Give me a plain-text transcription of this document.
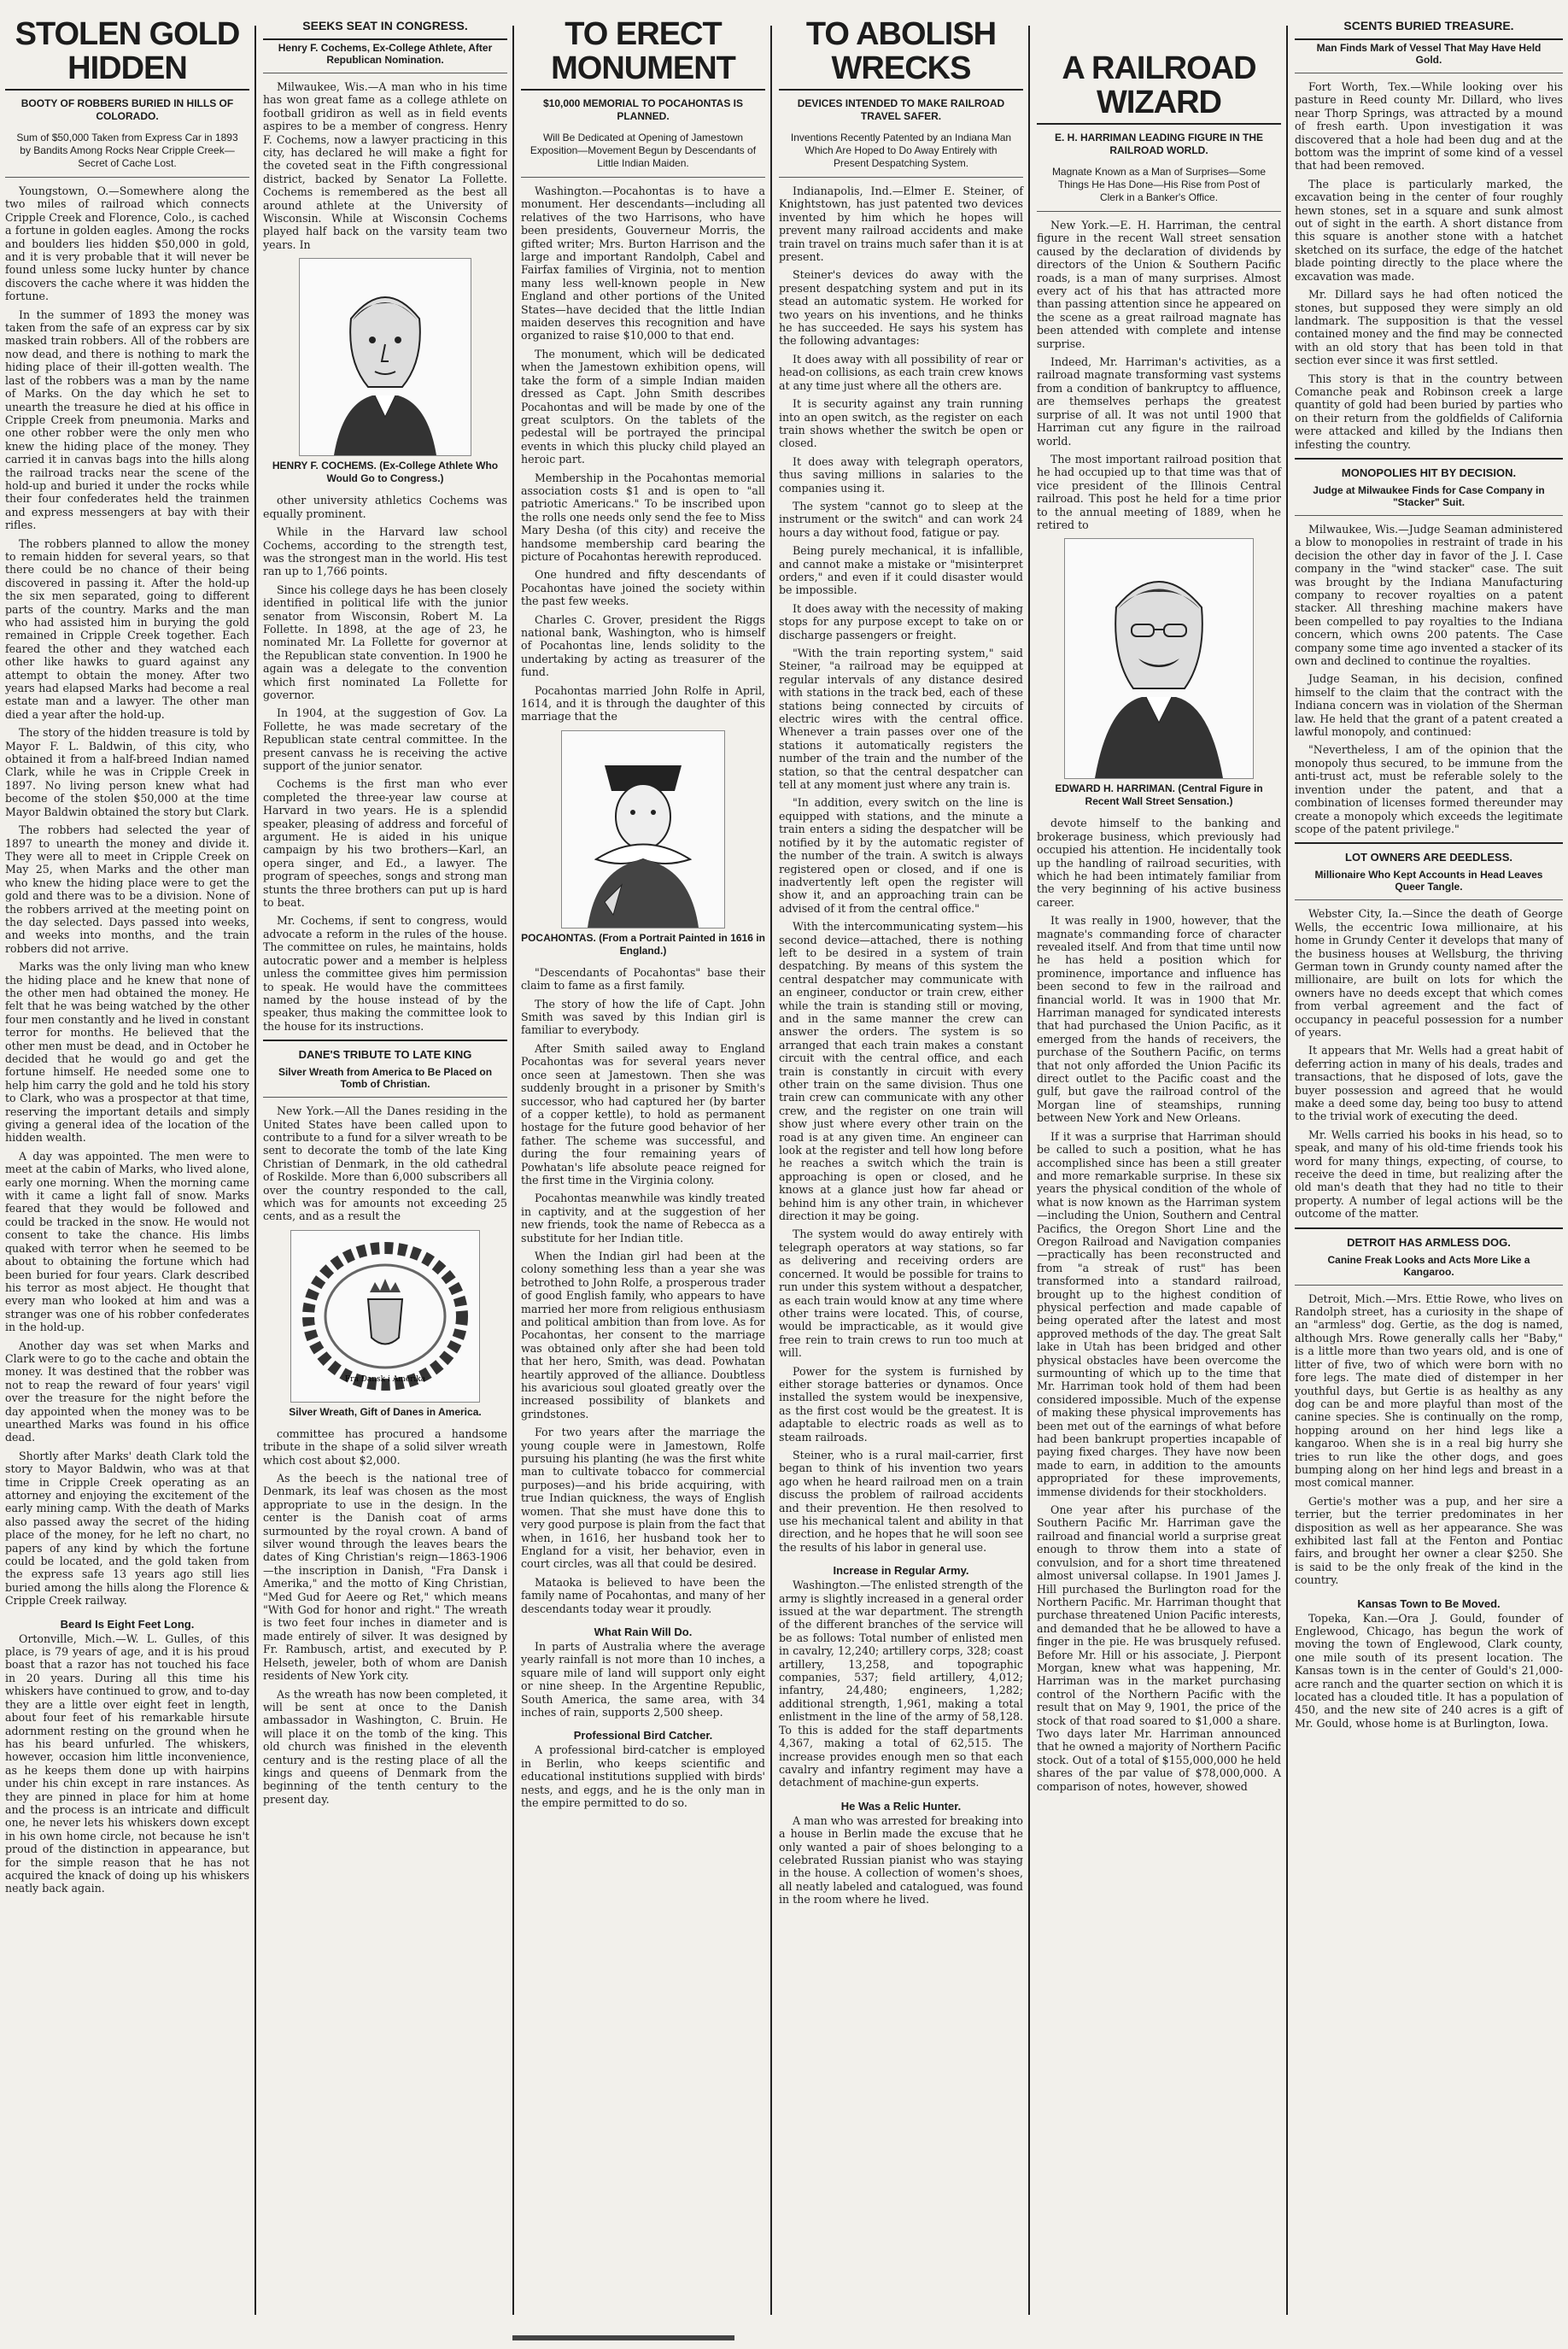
STOLEN GOLD HIDDEN
BOOTY OF ROBBERS BURIED IN HILLS OF COLORADO.
Sum of $50,000 Taken from Express Car in 1893 by Bandits Among Rocks Near Cripple Creek—Secret of Cache Lost.

Youngstown, O.—Somewhere along the two miles of railroad which connects Cripple Creek and Florence, Colo., is cached a fortune in golden eagles. Among the rocks and boulders lies hidden $50,000 in gold, and it is very probable that it will never be found unless some lucky hunter by chance discovers the cache where it was hidden the fortune.

In the summer of 1893 the money was taken from the safe of an express car by six masked train robbers. All of the robbers are now dead, and there is nothing to mark the hiding place of their ill-gotten wealth. The last of the robbers was a man by the name of Marks. On the day which he set to unearth the treasure he died at his office in Cripple Creek from pneumonia. Marks and one other robber were the only men who knew the hiding place of the money. They carried it in canvas bags into the hills along the railroad tracks near the scene of the hold-up and buried it under the rocks while their four confederates held the trainmen and express messengers at bay with their rifles.

The robbers planned to allow the money to remain hidden for several years, so that there could be no chance of their being discovered in passing it. After the hold-up the six men separated, going to different parts of the country. Marks and the man who had assisted him in burying the gold remained in Cripple Creek together. Each feared the other and they watched each other like hawks to guard against any attempt to obtain the money. After two years had elapsed Marks had become a real estate man and a lawyer. The other man died a year after the hold-up.

The story of the hidden treasure is told by Mayor F. L. Baldwin, of this city, who obtained it from a half-breed Indian named Clark, while he was in Cripple Creek in 1897. No living person knew what had become of the stolen $50,000 at the time Mayor Baldwin obtained the story but Clark.

The robbers had selected the year of 1897 to unearth the money and divide it. They were all to meet in Cripple Creek on May 25, when Marks and the other man who knew the hiding place were to get the gold and there was to be a division. None of the robbers arrived at the meeting point on the day selected. Days passed into weeks, and weeks into months, and the train robbers did not arrive.

Marks was the only living man who knew the hiding place and he knew that none of the other men had obtained the money. He felt that he was being watched by the other four men constantly and he lived in constant terror for months. He believed that the other men must be dead, and in October he decided that he would go and get the fortune himself. He needed some one to help him carry the gold and he told his story to Clark, who was a prospector at that time, reserving the important details and simply giving a general idea of the location of the hidden wealth.

A day was appointed. The men were to meet at the cabin of Marks, who lived alone, early one morning. When the morning came with it came a light fall of snow. Marks feared that they would be followed and could be tracked in the snow. He would not consent to take the chance. His limbs quaked with terror when he seemed to be about to obtaining the fortune which had been buried for four years. Clark described his terror as most abject. He thought that every man who looked at him and was a stranger was one of his robber confederates in the hold-up.

Another day was set when Marks and Clark were to go to the cache and obtain the money. It was destined that the robber was not to reap the reward of four years' vigil over the treasure for the night before the day appointed when the money was to be unearthed Marks was found in his office dead.

Shortly after Marks' death Clark told the story to Mayor Baldwin, who was at that time in Cripple Creek operating as an attorney and enjoying the excitement of the early mining camp. With the death of Marks also passed away the secret of the hiding place of the money, for he left no chart, no papers of any kind by which the fortune could be located, and the gold taken from the express safe 13 years ago still lies buried among the hills along the Florence & Cripple Creek railway.

Beard Is Eight Feet Long.

Ortonville, Mich.—W. L. Gulles, of this place, is 79 years of age, and it is his proud boast that a razor has not touched his face in 20 years. During all this time his whiskers have continued to grow, and to-day they are a little over eight feet in length, about four feet of his remarkable hirsute adornment resting on the ground when he has his beard unfurled. The whiskers, however, occasion him little inconvenience, as he keeps them done up with hairpins under his chin except in rare instances. As they are pinned in place for him at home and the process is an intricate and difficult one, he never lets his whiskers down except in his own home circle, not because he isn't proud of the distinction in appearance, but for the simple reason that he has not acquired the knack of doing up his whiskers neatly back again.

SEEKS SEAT IN CONGRESS.
Henry F. Cochems, Ex-College Athlete, After Republican Nomination.

Milwaukee, Wis.—A man who in his time has won great fame as a college athlete on football gridiron as well as in field events aspires to be a member of congress. Henry F. Cochems, now a lawyer practicing in this city, has declared he will make a fight for the coveted seat in the Fifth congressional district, backed by Senator La Follette. Cochems is remembered as the best all around athlete at the University of Wisconsin. While at Wisconsin Cochems played half back on the varsity team two years. In

HENRY F. COCHEMS. (Ex-College Athlete Who Would Go to Congress.)

other university athletics Cochems was equally prominent.

While in the Harvard law school Cochems, according to the strength test, was the strongest man in the world. His test ran up to 1,766 points.

Since his college days he has been closely identified in political life with the junior senator from Wisconsin, Robert M. La Follette. In 1898, at the age of 23, he nominated Mr. La Follette for governor at the Republican state convention. In 1900 he again was a delegate to the convention which first nominated La Follette for governor.

In 1904, at the suggestion of Gov. La Follette, he was made secretary of the Republican state central committee. In the present canvass he is receiving the active support of the junior senator.

Cochems is the first man who ever completed the three-year law course at Harvard in two years. He is a splendid speaker, pleasing of address and forceful of argument. He is aided in his unique campaign by his two brothers—Karl, an opera singer, and Ed., a lawyer. The program of speeches, songs and strong man stunts the three brothers can put up is hard to beat.

Mr. Cochems, if sent to congress, would advocate a reform in the rules of the house. The committee on rules, he maintains, holds autocratic power and a member is helpless unless the committee gives him permission to speak. He would have the committees named by the house instead of by the speaker, thus making the committee look to the house for its instructions.

DANE'S TRIBUTE TO LATE KING
Silver Wreath from America to Be Placed on Tomb of Christian.

New York.—All the Danes residing in the United States have been called upon to contribute to a fund for a silver wreath to be sent to decorate the tomb of the late King Christian of Denmark, in the old cathedral of Roskilde. More than 6,000 subscribers all over the country responded to the call, which was for amounts not exceeding 25 cents, and as a result the

Fra Dansk i Amerika
Silver Wreath, Gift of Danes in America.

committee has procured a handsome tribute in the shape of a solid silver wreath which cost about $2,000.

As the beech is the national tree of Denmark, its leaf was chosen as the most appropriate to use in the design. In the center is the Danish coat of arms surmounted by the royal crown. A band of silver wound through the leaves bears the dates of King Christian's reign—1863-1906—the inscription in Danish, "Fra Dansk i Amerika," and the motto of King Christian, "Med Gud for Aeere og Ret," which means "With God for honor and right." The wreath is two feet four inches in diameter and is made entirely of silver. It was designed by Fr. Rambusch, artist, and executed by P. Helseth, jeweler, both of whom are Danish residents of New York city.

As the wreath has now been completed, it will be sent at once to the Danish ambassador in Washington, C. Bruin. He will place it on the tomb of the king. This old church was finished in the eleventh century and is the resting place of all the kings and queens of Denmark from the beginning of the tenth century to the present day.

TO ERECT MONUMENT
$10,000 MEMORIAL TO POCAHONTAS IS PLANNED.
Will Be Dedicated at Opening of Jamestown Exposition—Movement Begun by Descendants of Little Indian Maiden.

Washington.—Pocahontas is to have a monument. Her descendants—including all relatives of the two Harrisons, who have been presidents, Gouverneur Morris, the gifted writer; Mrs. Burton Harrison and the large and important Randolph, Cabel and Fairfax families of Virginia, not to mention many less well-known people in New England and other portions of the United States—have decided that the little Indian maiden deserves this recognition and have organized to raise $10,000 to that end.

The monument, which will be dedicated when the Jamestown exhibition opens, will take the form of a simple Indian maiden dressed as Capt. John Smith describes Pocahontas and will be made by one of the great sculptors. On the tablets of the pedestal will be portrayed the principal events in which this plucky child played an heroic part.

Membership in the Pocahontas memorial association costs $1 and is open to "all patriotic Americans." To be inscribed upon the rolls one needs only send the fee to Miss Mary Desha (of this city) and receive the handsome membership card bearing the picture of Pocahontas herewith reproduced.

One hundred and fifty descendants of Pocahontas have joined the society within the past few weeks.

Charles C. Grover, president the Riggs national bank, Washington, who is himself of Pocahontas line, lends solidity to the undertaking by acting as treasurer of the fund.

Pocahontas married John Rolfe in April, 1614, and it is through the daughter of this marriage that the

POCAHONTAS. (From a Portrait Painted in 1616 in England.)

"Descendants of Pocahontas" base their claim to fame as a first family.

The story of how the life of Capt. John Smith was saved by this Indian girl is familiar to everybody.

After Smith sailed away to England Pocahontas was for several years never once seen at Jamestown. Then she was suddenly brought in a prisoner by Smith's successor, who had captured her (by barter of a copper kettle), to hold as permanent hostage for the future good behavior of her father. The scheme was successful, and during the four remaining years of Powhatan's life absolute peace reigned for the first time in the Virginia colony.

Pocahontas meanwhile was kindly treated in captivity, and at the suggestion of her new friends, took the name of Rebecca as a substitute for her Indian title.

When the Indian girl had been at the colony something less than a year she was betrothed to John Rolfe, a prosperous trader of good English family, who appears to have married her more from religious enthusiasm and political ambition than from love. As for Pocahontas, her consent to the marriage was obtained only after she had been told that her hero, Smith, was dead. Powhatan heartily approved of the alliance. Doubtless his avaricious soul gloated greatly over the increased possibility of blankets and grindstones.

For two years after the marriage the young couple were in Jamestown, Rolfe pursuing his planting (he was the first white man to cultivate tobacco for commercial purposes)—and his bride acquiring, with true Indian quickness, the ways of English women. That she must have done this to very good purpose is plain from the fact that when, in 1616, her husband took her to England for a visit, her behavior, even in court circles, was all that could be desired.

Mataoka is believed to have been the family name of Pocahontas, and many of her descendants today wear it proudly.

What Rain Will Do.

In parts of Australia where the average yearly rainfall is not more than 10 inches, a square mile of land will support only eight or nine sheep. In the Argentine Republic, South America, the same area, with 34 inches of rain, supports 2,500 sheep.

Professional Bird Catcher.

A professional bird-catcher is employed in Berlin, who keeps scientific and educational institutions supplied with birds' nests, and eggs, and he is the only man in the empire permitted to do so.

TO ABOLISH WRECKS
DEVICES INTENDED TO MAKE RAILROAD TRAVEL SAFER.
Inventions Recently Patented by an Indiana Man Which Are Hoped to Do Away Entirely with Present Despatching System.

Indianapolis, Ind.—Elmer E. Steiner, of Knightstown, has just patented two devices invented by him which he hopes will prevent many railroad accidents and make train travel on trains much safer than it is at present.

Steiner's devices do away with the present despatching system and put in its stead an automatic system. He worked for two years on his inventions, and he thinks he has succeeded. He says his system has the following advantages:

It does away with all possibility of rear or head-on collisions, as each train crew knows at any time just where all the others are.

It is security against any train running into an open switch, as the register on each train shows whether the switch be open or closed.

It does away with telegraph operators, thus saving millions in salaries to the companies using it.

The system "cannot go to sleep at the instrument or the switch" and can work 24 hours a day without food, fatigue or pay.

Being purely mechanical, it is infallible, and cannot make a mistake or "misinterpret orders," and even if it could disaster would be impossible.

It does away with the necessity of making stops for any purpose except to take on or discharge passengers or freight.

"With the train reporting system," said Steiner, "a railroad may be equipped at regular intervals of any distance desired with stations in the track bed, each of these stations being connected by circuits of electric wires with the central office. Whenever a train passes over one of the stations it automatically registers the number of the train and the number of the station, so that the central despatcher can tell at any moment just where any train is.

"In addition, every switch on the line is equipped with stations, and the minute a train enters a siding the despatcher will be notified by it by the automatic register of the number of the train. A switch is always registered open or closed, and if one is inadvertently left open the register will show it, and an approaching train can be advised of it from the central office."

With the intercommunicating system—his second device—attached, there is nothing left to be desired in a system of train despatching. By means of this system the central despatcher may communicate with an engineer, conductor or train crew, either while the train is standing still or moving, and in the same manner the crew can answer the orders. The system is so arranged that each train makes a constant circuit with the central office, and each train is constantly in circuit with every other train on the same division. Thus one train crew can communicate with any other crew, and the register on one train will show just where every other train on the road is at any given time. An engineer can look at the register and tell how long before he reaches a switch which the train is approaching is open or closed, and he knows at a glance just how far ahead or behind him is any other train, in whichever direction it may be going.

The system would do away entirely with telegraph operators at way stations, so far as delivering and receiving orders are concerned. It would be possible for trains to run under this system without a despatcher, as each train would know at any time where other trains were located. This, of course, would be impracticable, as it would give free rein to train crews to run too much at will.

Power for the system is furnished by either storage batteries or dynamos. Once installed the system would be inexpensive, as the first cost would be the greatest. It is adaptable to electric roads as well as to steam railroads.

Steiner, who is a rural mail-carrier, first began to think of his invention two years ago when he heard railroad men on a train discuss the problem of railroad accidents and their prevention. He then resolved to use his mechanical talent and ability in that direction, and he hopes that he will soon see the results of his labor in general use.

Increase in Regular Army.

Washington.—The enlisted strength of the army is slightly increased in a general order issued at the war department. The strength of the different branches of the service will be as follows: Total number of enlisted men in cavalry, 12,240; artillery corps, 328; coast artillery, 13,258, and topographic companies, 537; field artillery, 4,012; infantry, 24,480; engineers, 1,282; additional strength, 1,961, making a total enlistment in the line of the army of 58,128. To this is added for the staff departments 4,367, making a total of 62,515. The increase provides enough men so that each cavalry and infantry regiment may have a detachment of machine-gun experts.

He Was a Relic Hunter.

A man who was arrested for breaking into a house in Berlin made the excuse that he only wanted a pair of shoes belonging to a celebrated Russian pianist who was staying in the house. A collection of women's shoes, all neatly labeled and catalogued, was found in the room where he lived.

A RAILROAD WIZARD
E. H. HARRIMAN LEADING FIGURE IN THE RAILROAD WORLD.
Magnate Known as a Man of Surprises—Some Things He Has Done—His Rise from Post of Clerk in a Banker's Office.

New York.—E. H. Harriman, the central figure in the recent Wall street sensation caused by the declaration of dividends by directors of the Union & Southern Pacific roads, is a man of many surprises. Almost every act of his that has attracted more than passing attention since he appeared on the scene as a great railroad magnate has been attended with complete and intense surprise.

Indeed, Mr. Harriman's activities, as a railroad magnate transforming vast systems from a condition of bankruptcy to affluence, are themselves perhaps the greatest surprise of all. It was not until 1900 that Harriman cut any figure in the railroad world.

The most important railroad position that he had occupied up to that time was that of vice president of the Illinois Central railroad. This post he held for a time prior to the annual meeting of 1889, when he retired to

EDWARD H. HARRIMAN. (Central Figure in Recent Wall Street Sensation.)

devote himself to the banking and brokerage business, which previously had occupied his attention. He incidentally took up the handling of railroad securities, with which he had been intimately familiar from the very beginning of his active business career.

It was really in 1900, however, that the magnate's commanding force of character revealed itself. And from that time until now he has held a position which for prominence, importance and influence has been second to few in the railroad and financial world. It was in 1900 that Mr. Harriman managed for syndicated interests that had purchased the Union Pacific, as it emerged from the hands of receivers, the purchase of the Southern Pacific, on terms that not only afforded the Union Pacific its direct outlet to the Pacific coast and the gulf, but gave the railroad control of the Morgan line of steamships, running between New York and New Orleans.

If it was a surprise that Harriman should be called to such a position, what he has accomplished since has been a still greater and more remarkable surprise. In these six years the physical condition of the whole of what is now known as the Harriman system—including the Union, Southern and Central Pacifics, the Oregon Short Line and the Oregon Railroad and Navigation companies—practically has been reconstructed and from "a streak of rust" has been transformed into a standard railroad, brought up to the highest condition of physical perfection and made capable of being operated after the latest and most approved methods of the day. The great Salt lake in Utah has been bridged and other physical obstacles have been overcome the surmounting of which up to the time that Mr. Harriman took hold of them had been considered impossible. Much of the expense of making these physical improvements has been met out of the earnings of what before had been bankrupt properties incapable of paying fixed charges. They have now been made to earn, in addition to the amounts appropriated for these improvements, immense dividends for their stockholders.

One year after his purchase of the Southern Pacific Mr. Harriman gave the railroad and financial world a surprise great enough to throw them into a state of convulsion, and for a short time threatened almost universal collapse. In 1901 James J. Hill purchased the Burlington road for the Northern Pacific. Mr. Harriman thought that purchase threatened Union Pacific interests, and demanded that he be allowed to have a finger in the pie. He was brusquely refused. Before Mr. Hill or his associate, J. Pierpont Morgan, knew what was happening, Mr. Harriman was in the market purchasing control of the Northern Pacific with the result that on May 9, 1901, the price of the stock of that road soared to $1,000 a share. Two days later Mr. Harriman announced that he owned a majority of Northern Pacific stock. Out of a total of $155,000,000 he held shares of the par value of $78,000,000. A comparison of notes, however, showed

SCENTS BURIED TREASURE.
Man Finds Mark of Vessel That May Have Held Gold.

Fort Worth, Tex.—While looking over his pasture in Reed county Mr. Dillard, who lives near Thorp Springs, was attracted by a mound of fresh earth. Upon investigation it was discovered that a hole had been dug and at the bottom was the imprint of some kind of a vessel that had been removed.

The place is particularly marked, the excavation being in the center of four roughly hewn stones, set in a square and sunk almost out of sight in the earth. A short distance from this square is another stone with a hatchet sketched on its surface, the edge of the hatchet blade pointing directly to the place where the excavation was made.

Mr. Dillard says he had often noticed the stones, but supposed they were simply an old landmark. The supposition is that the vessel contained money and the find may be connected with an old story that has been told in that section ever since it was first settled.

This story is that in the country between Comanche peak and Robinson creek a large quantity of gold had been buried by parties who on their return from the goldfields of California were attacked and killed by the Indians then infesting the country.

MONOPOLIES HIT BY DECISION.
Judge at Milwaukee Finds for Case Company in "Stacker" Suit.

Milwaukee, Wis.—Judge Seaman administered a blow to monopolies in restraint of trade in his decision the other day in favor of the J. I. Case company in the "wind stacker" case. The suit was brought by the Indiana Manufacturing company to recover royalties on a patent stacker. All threshing machine makers have been compelled to pay royalties to the Indiana concern, which owns 200 patents. The Case company some time ago invented a stacker of its own and declined to continue the royalties.

Judge Seaman, in his decision, confined himself to the claim that the contract with the Indiana concern was in violation of the Sherman law. He held that the grant of a patent created a lawful monopoly, and continued:

"Nevertheless, I am of the opinion that the monopoly thus secured, to be immune from the anti-trust act, must be referable solely to the invention under the patent, and that a combination of licenses formed thereunder may create a monopoly which exceeds the legitimate scope of the patent privilege."

LOT OWNERS ARE DEEDLESS.
Millionaire Who Kept Accounts in Head Leaves Queer Tangle.

Webster City, Ia.—Since the death of George Wells, the eccentric Iowa millionaire, at his home in Grundy Center it develops that many of the business houses at Wellsburg, the thriving German town in Grundy county named after the millionaire, are built on lots for which the owners have no deeds except that which comes from verbal agreement and the fact of occupancy in peaceful possession for a number of years.

It appears that Mr. Wells had a great habit of deferring action in many of his deals, trades and transactions, that he disposed of lots, gave the buyer possession and agreed that he would make a deed some day, being too busy to attend to the trivial work of executing the deed.

Mr. Wells carried his books in his head, so to speak, and many of his old-time friends took his word for many things, expecting, of course, to receive the deed in time, but realizing after the old man's death that they had no title to their property. A number of legal actions will be the outcome of the matter.

DETROIT HAS ARMLESS DOG.
Canine Freak Looks and Acts More Like a Kangaroo.

Detroit, Mich.—Mrs. Ettie Rowe, who lives on Randolph street, has a curiosity in the shape of an "armless" dog. Gertie, as the dog is named, although Mrs. Rowe generally calls her "Baby," is a little more than two years old, and is one of litter of five, two of which were born with no fore legs. The mate died of distemper in her youthful days, but Gertie is as healthy as any dog can be and more playful than most of the canine species. She is continually on the romp, hopping around on her hind legs like a kangaroo. When she is in a real big hurry she tries to run like the other dogs, and goes bumping along on her hind legs and breast in a most comical manner.

Gertie's mother was a pup, and her sire a terrier, but the terrier predominates in her disposition as well as her appearance. She was exhibited last fall at the Fenton and Pontiac fairs, and brought her owner a clear $250. She is said to be the only freak of the kind in the country.

Kansas Town to Be Moved.

Topeka, Kan.—Ora J. Gould, founder of Englewood, Chicago, has begun the work of moving the town of Englewood, Clark county, one mile south of its present location. The Kansas town is in the center of Gould's 21,000-acre ranch and the quarter section on which it is located has a clouded title. It has a population of 450, and the new site of 240 acres is a gift of Mr. Gould, whose home is at Burlington, Iowa.
